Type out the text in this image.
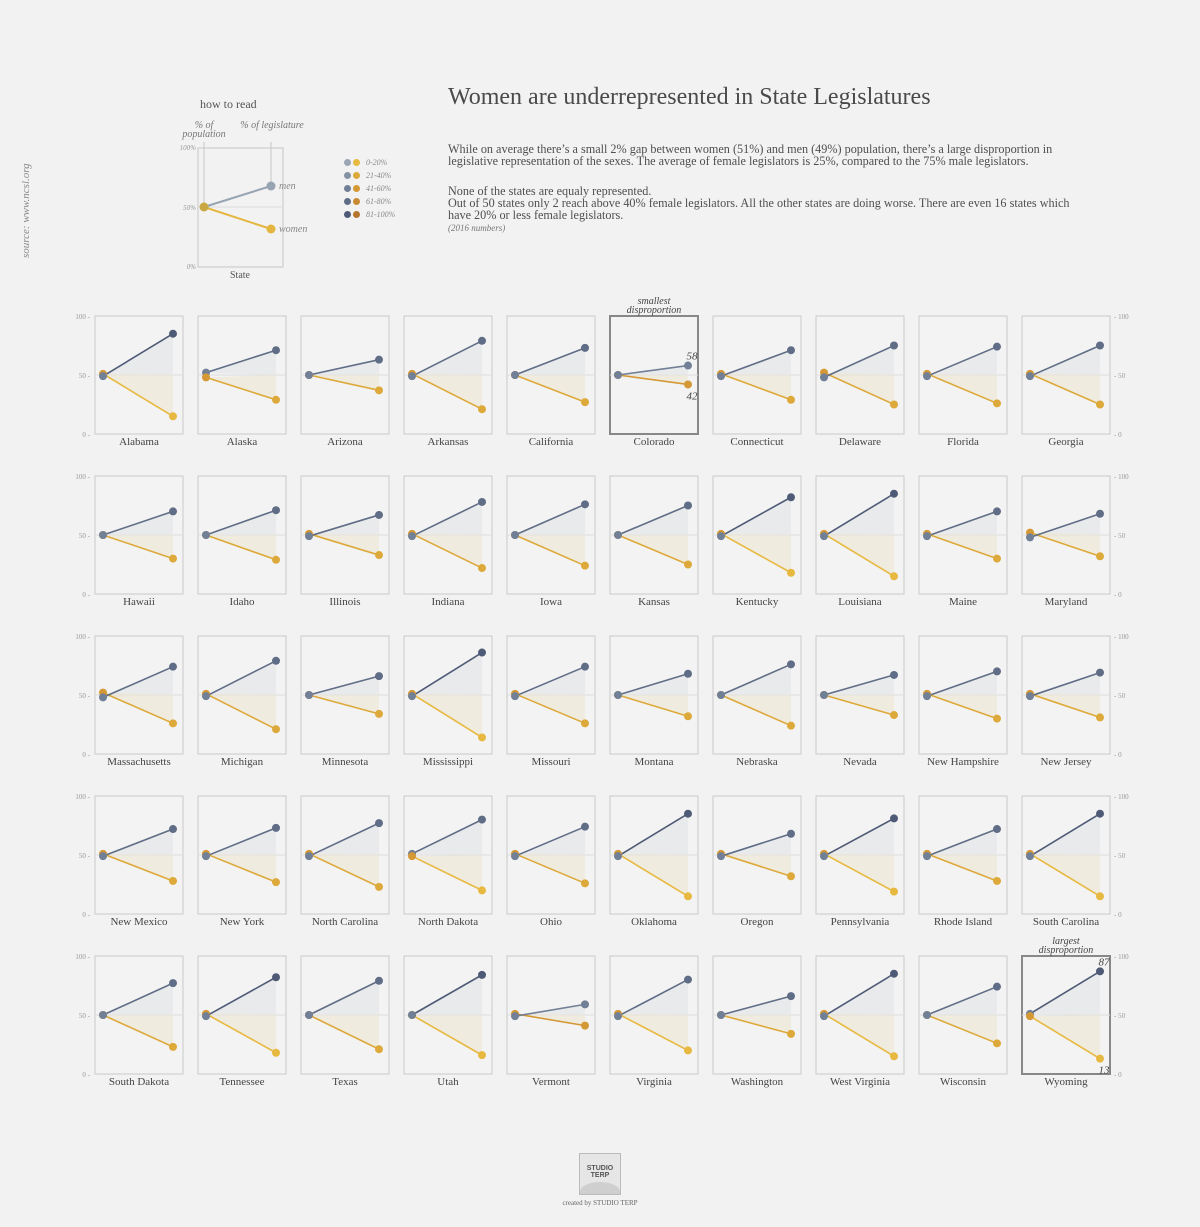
source: www.ncsl.org
Women are underrepresented in State Legislatures

While on average there’s a small 2% gap between women (51%) and men (49%) population, there’s a large disproportion in legislative representation of the sexes. The average of female legislators is 25%, compared to the 75% male legislators.

None of the states are equaly represented.

Out of 50 states only 2 reach above 40% female legislators. All the other states are doing worse. There are even 16 states which have 20% or less female legislators.

(2016 numbers)
how to read
% of population
% of legislature
100%
50%
0%
men
women
State
0-20%
21-40%
41-60%
61-80%
81-100%
100 -	- 100
50 -	- 50
0 -	- 0
100 -	- 100
50 -	- 50
0 -	- 0
100 -	- 100
50 -	- 50
0 -	- 0
100 -	- 100
50 -	- 50
0 -	- 0
100 -	- 100
50 -	- 50
0 -	- 0
Alabama	Alaska	Arizona	Arkansas	California	Colorado
smallest
disproportion
58
42
Connecticut	Delaware	Florida	Georgia
Hawaii	Idaho	Illinois	Indiana	Iowa	Kansas	Kentucky	Louisiana	Maine	Maryland
Massachusetts	Michigan	Minnesota	Mississippi	Missouri	Montana	Nebraska	Nevada	New Hampshire	New Jersey
New Mexico	New York	North Carolina	North Dakota	Ohio	Oklahoma	Oregon	Pennsylvania	Rhode Island	South Carolina
South Dakota	Tennessee	Texas	Utah	Vermont	Virginia	Washington	West Virginia	Wisconsin	Wyoming
largest
disproportion
87
13
STUDIO TERP
created by STUDIO TERP
